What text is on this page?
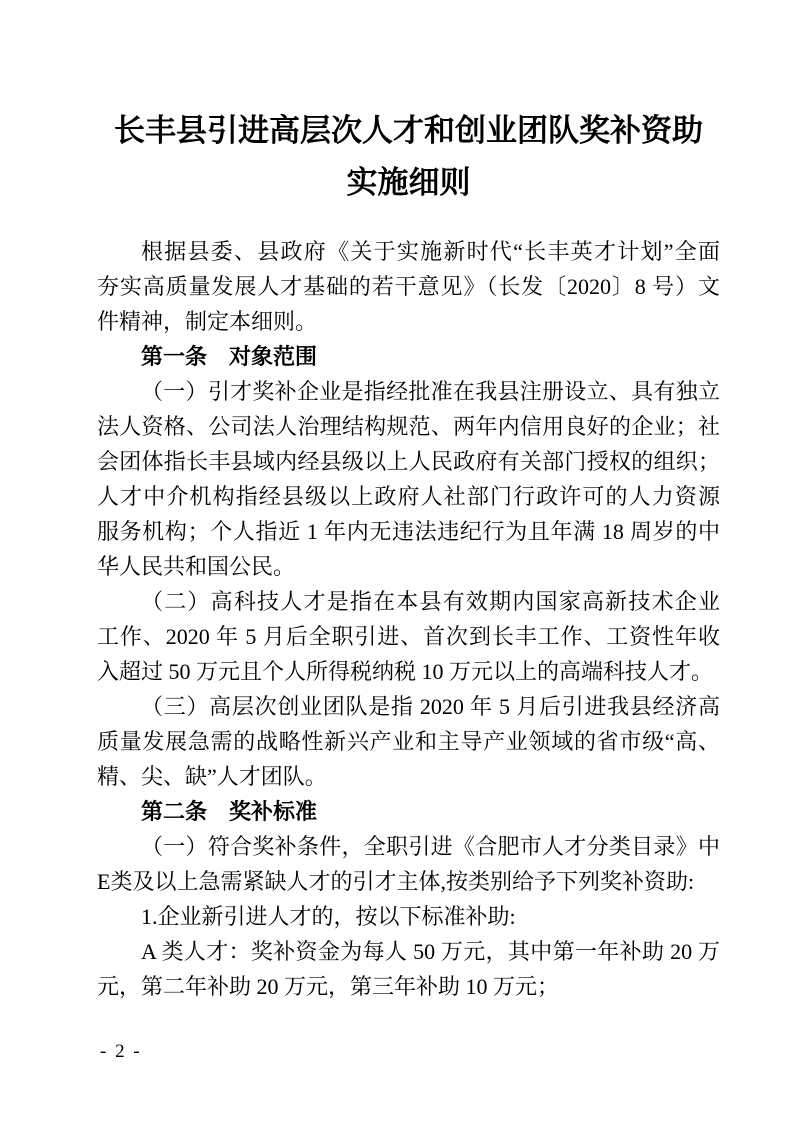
长丰县引进高层次人才和创业团队奖补资助
实施细则
根据县委、县政府《关于实施新时代“长丰英才计划”全面
夯实高质量发展人才基础的若干意见》（长发〔2020〕8 号）文
件精神，制定本细则。
第一条　对象范围
（一）引才奖补企业是指经批准在我县注册设立、具有独立
法人资格、公司法人治理结构规范、两年内信用良好的企业；社
会团体指长丰县域内经县级以上人民政府有关部门授权的组织；
人才中介机构指经县级以上政府人社部门行政许可的人力资源
服务机构；个人指近 1 年内无违法违纪行为且年满 18 周岁的中
华人民共和国公民。
（二）高科技人才是指在本县有效期内国家高新技术企业
工作、2020 年 5 月后全职引进、首次到长丰工作、工资性年收
入超过 50 万元且个人所得税纳税 10 万元以上的高端科技人才。
（三）高层次创业团队是指 2020 年 5 月后引进我县经济高
质量发展急需的战略性新兴产业和主导产业领域的省市级“高、
精、尖、缺”人才团队。
第二条　奖补标准
（一）符合奖补条件，全职引进《合肥市人才分类目录》中
E类及以上急需紧缺人才的引才主体,按类别给予下列奖补资助:
1.企业新引进人才的，按以下标准补助:
A 类人才：奖补资金为每人 50 万元，其中第一年补助 20 万
元，第二年补助 20 万元，第三年补助 10 万元；
- 2 -
